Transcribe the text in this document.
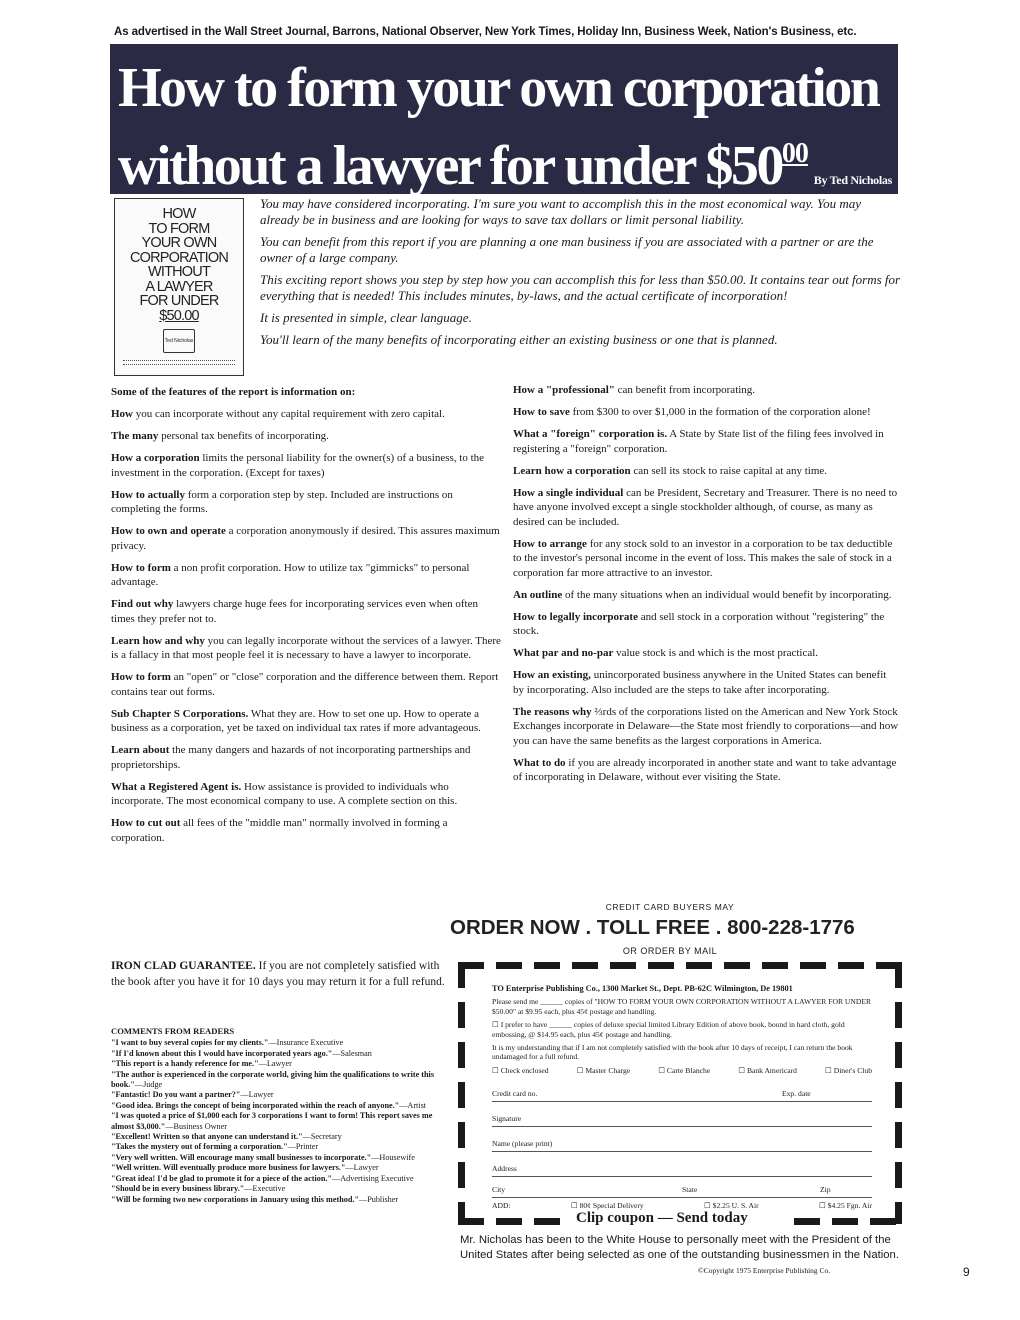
As advertised in the Wall Street Journal, Barrons, National Observer, New York Times, Holiday Inn, Business Week, Nation's Business, etc.
How to form your own corporation
without a lawyer for under $\$50^{00}$
By Ted Nicholas
HOW
TO FORM
YOUR OWN
CORPORATION
WITHOUT
A LAWYER
FOR UNDER
$50.00
Ted Nicholas

You may have considered incorporating. I'm sure you want to accomplish this in the most economical way. You may already be in business and are looking for ways to save tax dollars or limit personal liability.

You can benefit from this report if you are planning a one man business if you are associated with a partner or are the owner of a large company.

This exciting report shows you step by step how you can accomplish this for less than $50.00. It contains tear out forms for everything that is needed! This includes minutes, by-laws, and the actual certificate of incorporation!

It is presented in simple, clear language.

You'll learn of the many benefits of incorporating either an existing business or one that is planned.

Some of the features of the report is information on:

How you can incorporate without any capital requirement with zero capital.

The many personal tax benefits of incorporating.

How a corporation limits the personal liability for the owner(s) of a business, to the investment in the corporation. (Except for taxes)

How to actually form a corporation step by step. Included are instructions on completing the forms.

How to own and operate a corporation anonymously if desired. This assures maximum privacy.

How to form a non profit corporation. How to utilize tax "gimmicks" to personal advantage.

Find out why lawyers charge huge fees for incorporating services even when often times they prefer not to.

Learn how and why you can legally incorporate without the services of a lawyer. There is a fallacy in that most people feel it is necessary to have a lawyer to incorporate.

How to form an "open" or "close" corporation and the difference between them. Report contains tear out forms.

Sub Chapter S Corporations. What they are. How to set one up. How to operate a business as a corporation, yet be taxed on individual tax rates if more advantageous.

Learn about the many dangers and hazards of not incorporating partnerships and proprietorships.

What a Registered Agent is. How assistance is provided to individuals who incorporate. The most economical company to use. A complete section on this.

How to cut out all fees of the "middle man" normally involved in forming a corporation.

How a "professional" can benefit from incorporating.

How to save from $300 to over $1,000 in the formation of the corporation alone!

What a "foreign" corporation is. A State by State list of the filing fees involved in registering a "foreign" corporation.

Learn how a corporation can sell its stock to raise capital at any time.

How a single individual can be President, Secretary and Treasurer. There is no need to have anyone involved except a single stockholder although, of course, as many as desired can be included.

How to arrange for any stock sold to an investor in a corporation to be tax deductible to the investor's personal income in the event of loss. This makes the sale of stock in a corporation far more attractive to an investor.

An outline of the many situations when an individual would benefit by incorporating.

How to legally incorporate and sell stock in a corporation without "registering" the stock.

What par and no-par value stock is and which is the most practical.

How an existing, unincorporated business anywhere in the United States can benefit by incorporating. Also included are the steps to take after incorporating.

The reasons why ⅔rds of the corporations listed on the American and New York Stock Exchanges incorporate in Delaware—the State most friendly to corporations—and how you can have the same benefits as the largest corporations in America.

What to do if you are already incorporated in another state and want to take advantage of incorporating in Delaware, without ever visiting the State.

CREDIT CARD BUYERS MAY
ORDER NOW . TOLL FREE . 800-228-1776
OR ORDER BY MAIL
IRON CLAD GUARANTEE. If you are not completely satisfied with the book after you have it for 10 days you may return it for a full refund.
COMMENTS FROM READERS
"I want to buy several copies for my clients."—Insurance Executive
"If I'd known about this I would have incorporated years ago."—Salesman
"This report is a handy reference for me."—Lawyer
"The author is experienced in the corporate world, giving him the qualifications to write this book."—Judge
"Fantastic! Do you want a partner?"—Lawyer
"Good idea. Brings the concept of being incorporated within the reach of anyone."—Artist
"I was quoted a price of $1,000 each for 3 corporations I want to form! This report saves me almost $3,000."—Business Owner
"Excellent! Written so that anyone can understand it."—Secretary
"Takes the mystery out of forming a corporation."—Printer
"Very well written. Will encourage many small businesses to incorporate."—Housewife
"Well written. Will eventually produce more business for lawyers."—Lawyer
"Great idea! I'd be glad to promote it for a piece of the action."—Advertising Executive
"Should be in every business library."—Executive
"Will be forming two new corporations in January using this method."—Publisher
TO Enterprise Publishing Co., 1300 Market St., Dept. PB-62C Wilmington, De 19801

Please send me ______ copies of "HOW TO FORM YOUR OWN CORPORATION WITHOUT A LAWYER FOR UNDER $50.00" at $9.95 each, plus 45¢ postage and handling.

☐ I prefer to have ______ copies of deluxe special limited Library Edition of above book, bound in hard cloth, gold embossing, @ $14.95 each, plus 45¢ postage and handling.

It is my understanding that if I am not completely satisfied with the book after 10 days of receipt, I can return the book undamaged for a full refund.

☐ Check enclosed	☐ Master Charge	☐ Carte Blanche	☐ Bank Americard	☐ Diner's Club
Credit card no.	Exp. date
Signature
Name (please print)
Address
City	State	Zip
ADD:	☐ 80¢ Special Delivery	☐ $2.25 U. S. Air	☐ $4.25 Fgn. Air
Clip coupon — Send today
Mr. Nicholas has been to the White House to personally meet with the President of the United States after being selected as one of the outstanding businessmen in the Nation.
©Copyright 1975 Enterprise Publishing Co.	9
